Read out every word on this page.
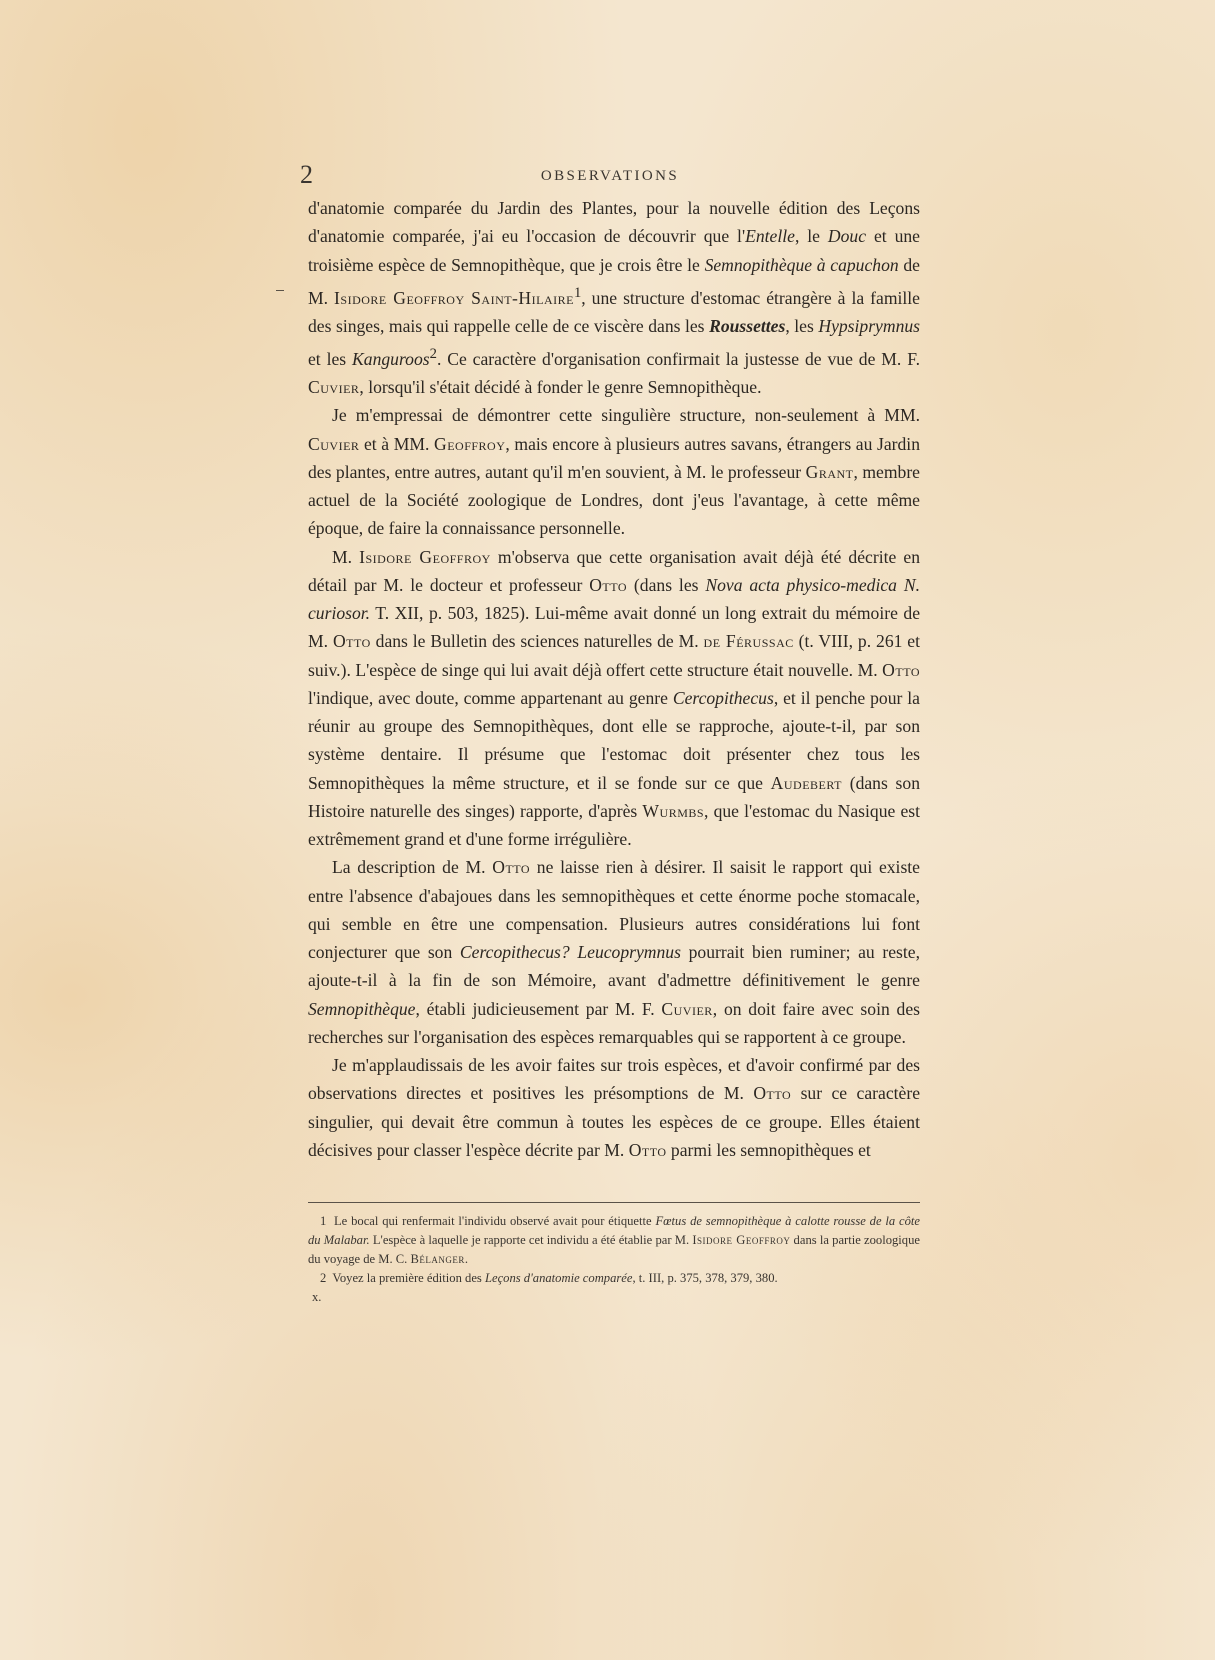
2	OBSERVATIONS

d'anatomie comparée du Jardin des Plantes, pour la nouvelle édition des Leçons d'anatomie comparée, j'ai eu l'occasion de découvrir que l'Entelle, le Douc et une troisième espèce de Semnopithèque, que je crois être le Semnopithèque à capuchon de M. Isidore Geoffroy Saint-Hilaire$^1$, une structure d'estomac étrangère à la famille des singes, mais qui rappelle celle de ce viscère dans les Roussettes, les Hypsiprymnus et les Kanguroos$^2$. Ce caractère d'organisation confirmait la justesse de vue de M. F. Cuvier, lorsqu'il s'était décidé à fonder le genre Semnopithèque.

Je m'empressai de démontrer cette singulière structure, non-seulement à MM. Cuvier et à MM. Geoffroy, mais encore à plusieurs autres savans, étrangers au Jardin des plantes, entre autres, autant qu'il m'en souvient, à M. le professeur Grant, membre actuel de la Société zoologique de Londres, dont j'eus l'avantage, à cette même époque, de faire la connaissance personnelle.

M. Isidore Geoffroy m'observa que cette organisation avait déjà été décrite en détail par M. le docteur et professeur Otto (dans les Nova acta physico-medica N. curiosor. T. XII, p. 503, 1825). Lui-même avait donné un long extrait du mémoire de M. Otto dans le Bulletin des sciences naturelles de M. de Férussac (t. VIII, p. 261 et suiv.). L'espèce de singe qui lui avait déjà offert cette structure était nouvelle. M. Otto l'indique, avec doute, comme appartenant au genre Cercopithecus, et il penche pour la réunir au groupe des Semnopithèques, dont elle se rapproche, ajoute-t-il, par son système dentaire. Il présume que l'estomac doit présenter chez tous les Semnopithèques la même structure, et il se fonde sur ce que Audebert (dans son Histoire naturelle des singes) rapporte, d'après Wurmbs, que l'estomac du Nasique est extrêmement grand et d'une forme irrégulière.

La description de M. Otto ne laisse rien à désirer. Il saisit le rapport qui existe entre l'absence d'abajoues dans les semnopithèques et cette énorme poche stomacale, qui semble en être une compensation. Plusieurs autres considérations lui font conjecturer que son Cercopithecus? Leucoprymnus pourrait bien ruminer; au reste, ajoute-t-il à la fin de son Mémoire, avant d'admettre définitivement le genre Semnopithèque, établi judicieusement par M. F. Cuvier, on doit faire avec soin des recherches sur l'organisation des espèces remarquables qui se rapportent à ce groupe.

Je m'applaudissais de les avoir faites sur trois espèces, et d'avoir confirmé par des observations directes et positives les présomptions de M. Otto sur ce caractère singulier, qui devait être commun à toutes les espèces de ce groupe. Elles étaient décisives pour classer l'espèce décrite par M. Otto parmi les semnopithèques et

1 Le bocal qui renfermait l'individu observé avait pour étiquette Fœtus de semnopithèque à calotte rousse de la côte du Malabar. L'espèce à laquelle je rapporte cet individu a été établie par M. Isidore Geoffroy dans la partie zoologique du voyage de M. C. Bélanger.

2 Voyez la première édition des Leçons d'anatomie comparée, t. III, p. 375, 378, 379, 380.

x.
